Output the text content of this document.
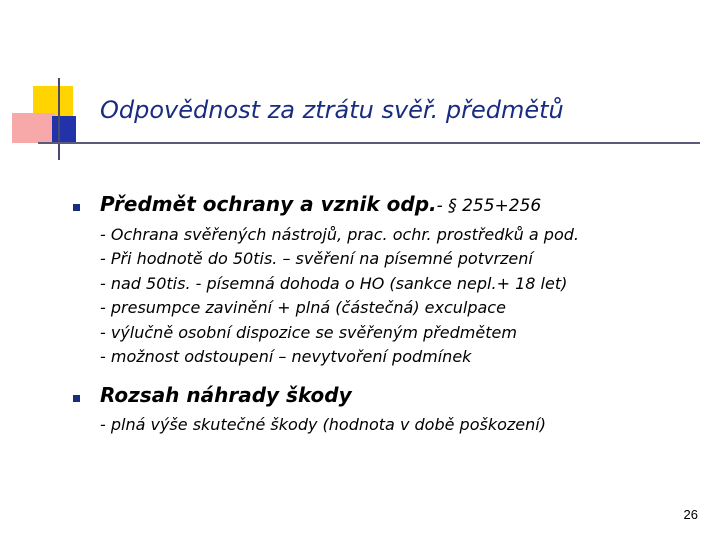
Odpovědnost za ztrátu svěř. předmětů
Předmět ochrany a vznik odp.- § 255+256
- Ochrana svěřených nástrojů, prac. ochr. prostředků a pod.
- Při hodnotě do 50tis. – svěření na písemné potvrzení
- nad 50tis. - písemná dohoda o HO (sankce nepl.+ 18 let)
- presumpce zavinění + plná (částečná) exculpace
- výlučně osobní dispozice se svěřeným předmětem
- možnost odstoupení – nevytvoření podmínek
Rozsah náhrady škody
- plná výše skutečné škody (hodnota v době poškození)
26
